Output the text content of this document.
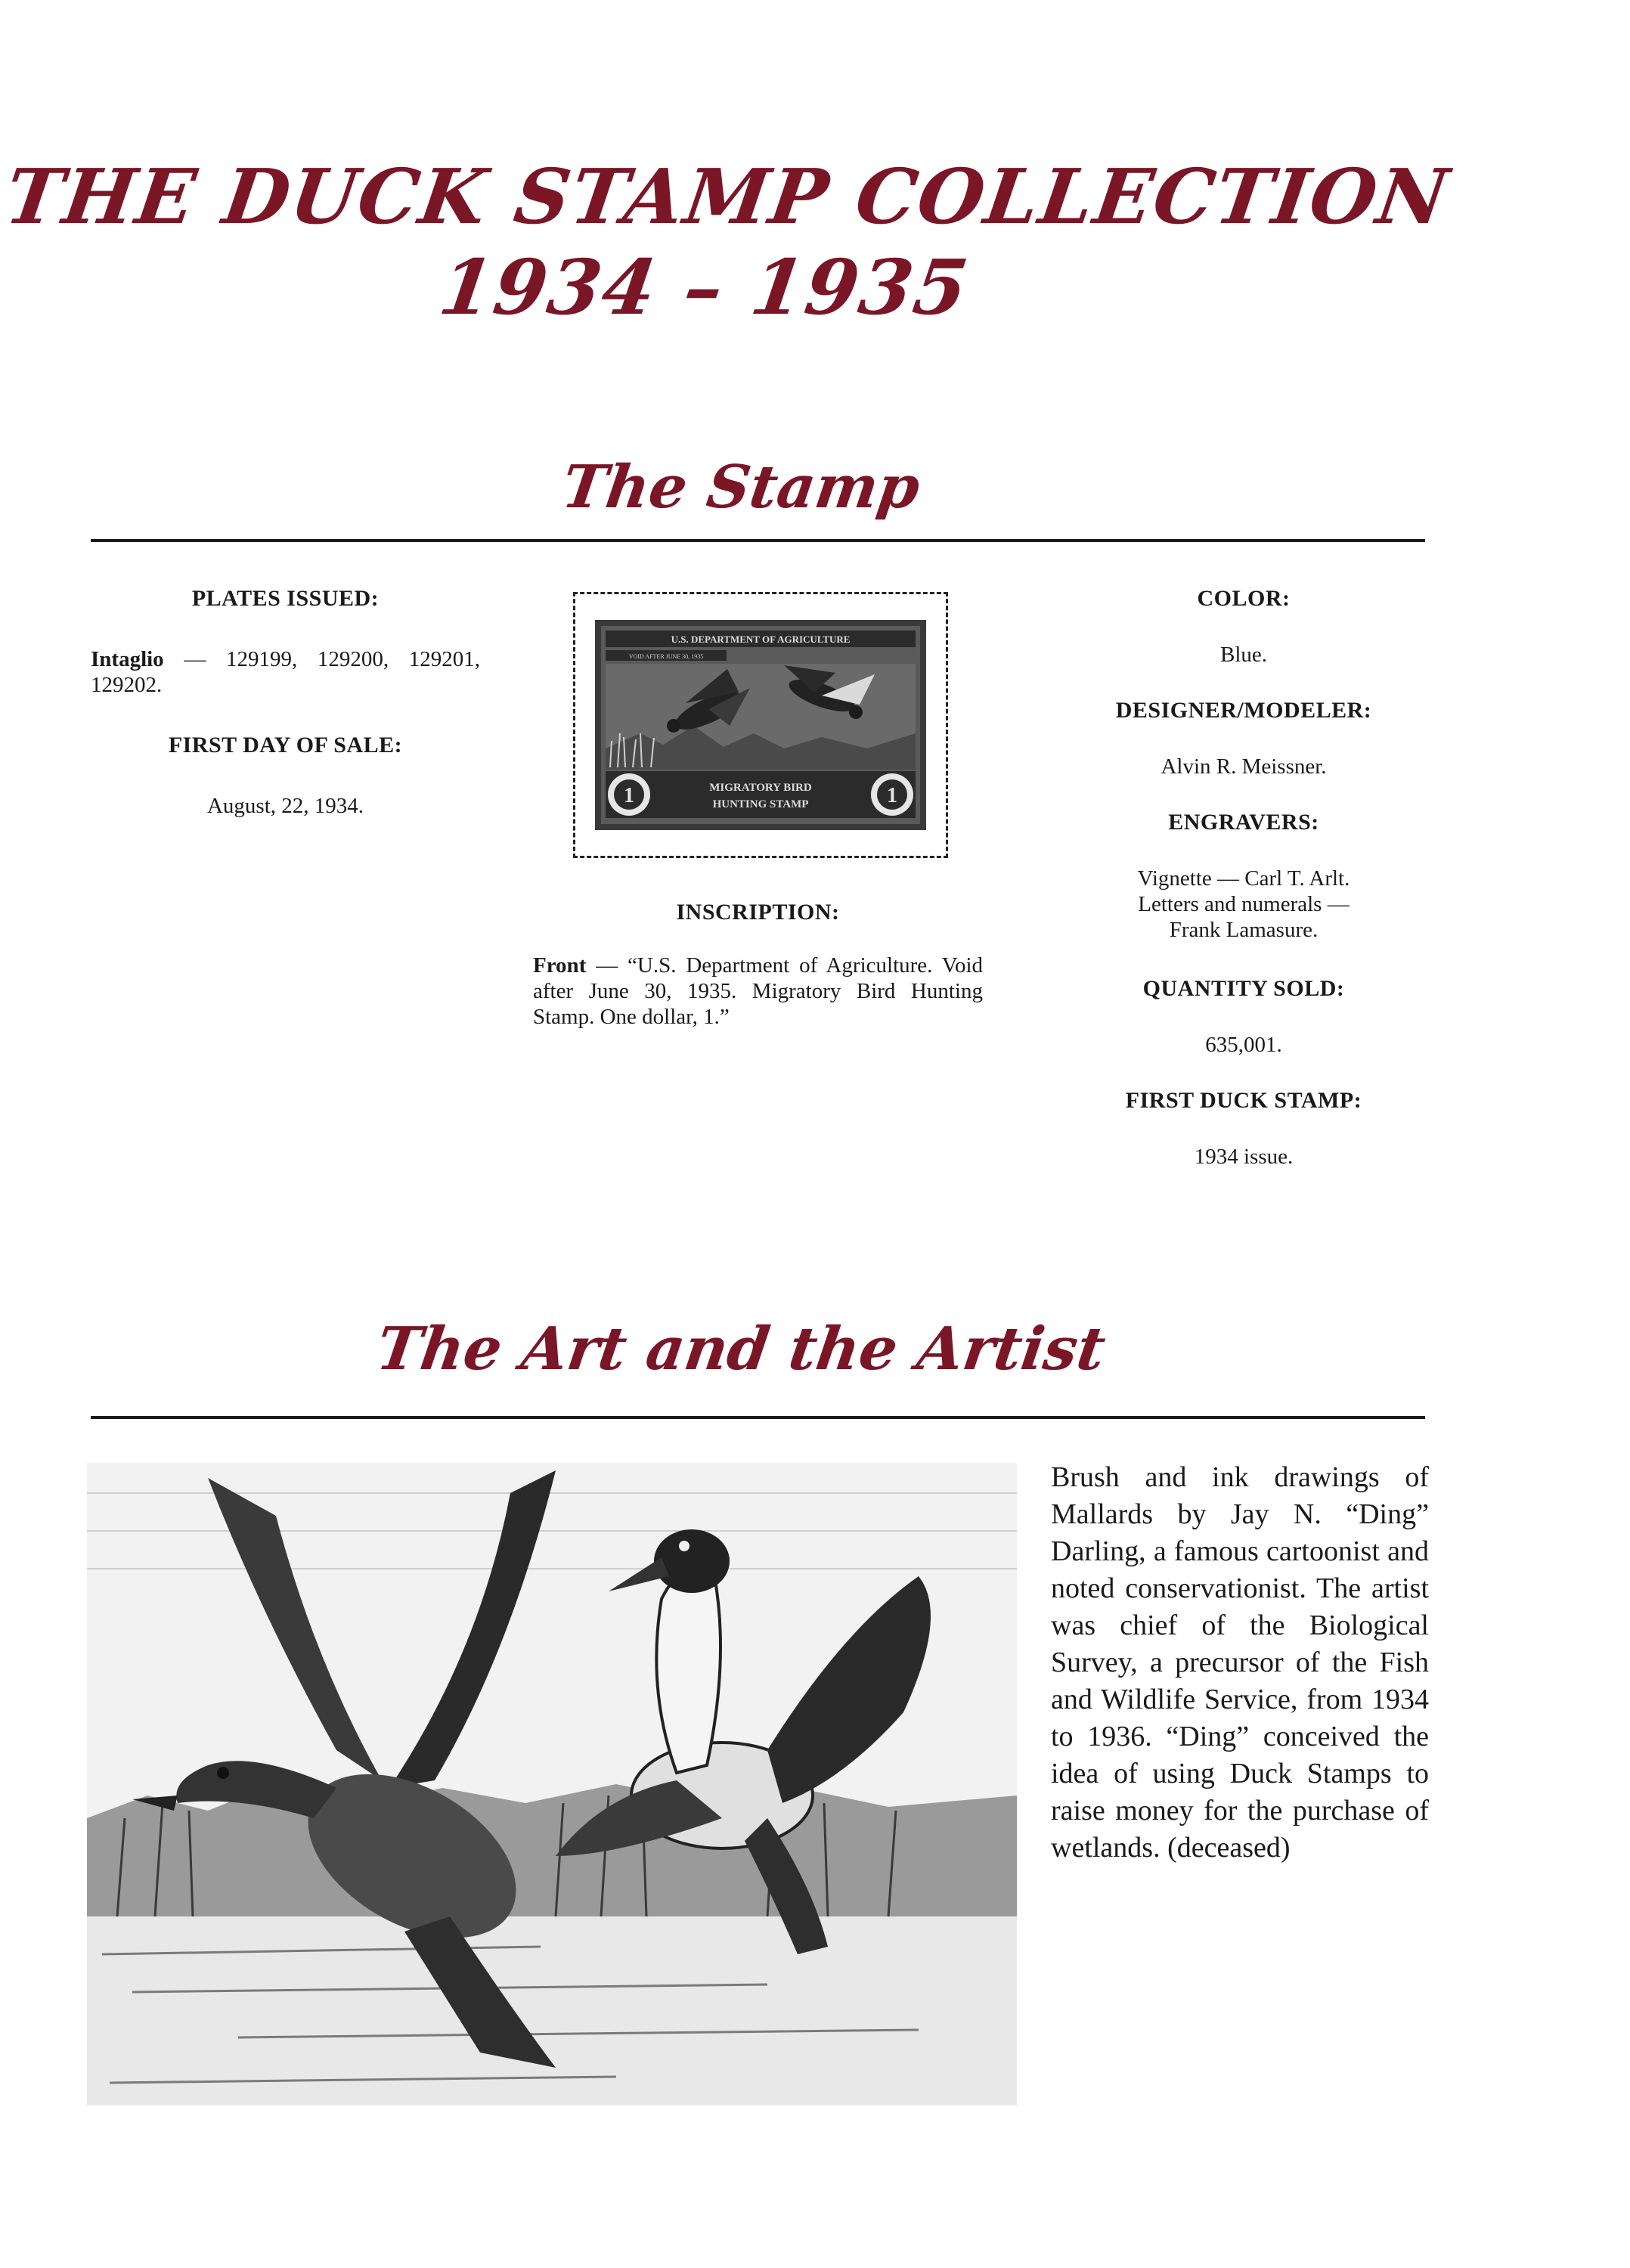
THE DUCK STAMP COLLECTION
1934 – 1935
The Stamp

PLATES ISSUED:

Intaglio — 129199, 129200, 129201, 129202.

FIRST DAY OF SALE:

August, 22, 1934.

U.S. DEPARTMENT OF AGRICULTURE
VOID AFTER JUNE 30, 1935
1	1
MIGRATORY BIRD
HUNTING STAMP

INSCRIPTION:

Front — “U.S. Department of Agriculture. Void after June 30, 1935. Migratory Bird Hunting Stamp. One dollar, 1.”

COLOR:

Blue.

DESIGNER/MODELER:

Alvin R. Meissner.

ENGRAVERS:

Vignette — Carl T. Arlt.
Letters and numerals —
Frank Lamasure.

QUANTITY SOLD:

635,001.

FIRST DUCK STAMP:

1934 issue.

The Art and the Artist
Brush and ink drawings of Mallards by Jay N. “Ding” Darling, a famous cartoonist and noted conservationist. The artist was chief of the Biological Survey, a precursor of the Fish and Wildlife Service, from 1934 to 1936. “Ding” conceived the idea of using Duck Stamps to raise money for the purchase of wetlands. (deceased)
